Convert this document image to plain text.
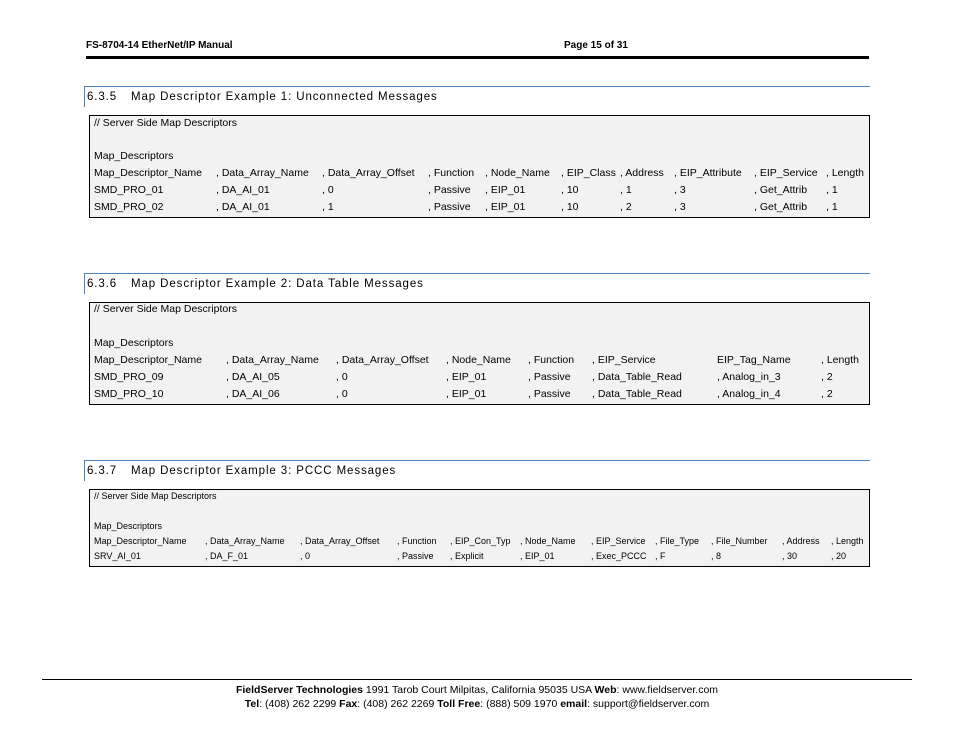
FS-8704-14 EtherNet/IP Manual	Page 15 of 31
6.3.5 Map Descriptor Example 1: Unconnected Messages
// Server Side Map Descriptors
Map_Descriptors
Map_Descriptor_Name , Data_Array_Name , Data_Array_Offset , Function , Node_Name , EIP_Class , Address , EIP_Attribute , EIP_Service , Length
SMD_PRO_01	, DA_AI_01	, 0	, Passive , EIP_01	, 10	, 1	, 3	, Get_Attrib , 1
SMD_PRO_02	, DA_AI_01	, 1	, Passive , EIP_01	, 10	, 2	, 3	, Get_Attrib , 1
6.3.6 Map Descriptor Example 2: Data Table Messages
// Server Side Map Descriptors
Map_Descriptors
Map_Descriptor_Name , Data_Array_Name , Data_Array_Offset , Node_Name , Function , EIP_Service	EIP_Tag_Name	, Length
SMD_PRO_09	, DA_AI_05	, 0	, EIP_01	, Passive , Data_Table_Read	, Analog_in_3	, 2
SMD_PRO_10	, DA_AI_06	, 0	, EIP_01	, Passive , Data_Table_Read	, Analog_in_4	, 2
6.3.7 Map Descriptor Example 3: PCCC Messages
// Server Side Map Descriptors
Map_Descriptors
Map_Descriptor_Name , Data_Array_Name , Data_Array_Offset , Function , EIP_Con_Typ , Node_Name , EIP_Service , File_Type , File_Number , Address , Length
SRV_AI_01	, DA_F_01	, 0	, Passive , Explicit	, EIP_01	, Exec_PCCC , F	, 8	, 30	, 20
FieldServer Technologies 1991 Tarob Court Milpitas, California 95035 USA Web: www.fieldserver.com
Tel: (408) 262 2299 Fax: (408) 262 2269 Toll Free: (888) 509 1970 email: support@fieldserver.com
